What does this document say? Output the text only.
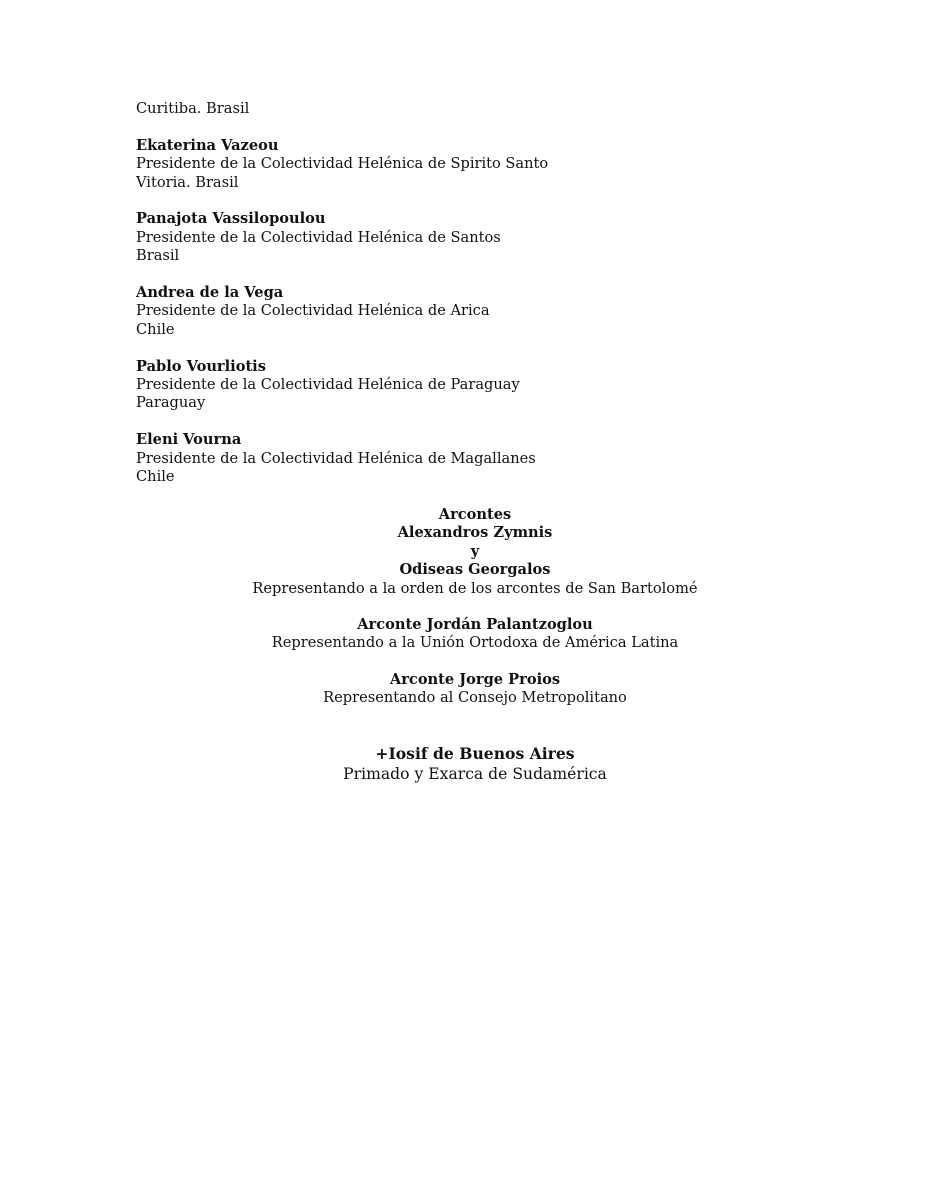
Curitiba. Brasil
Ekaterina Vazeou
Presidente de la Colectividad Helénica de Spirito Santo
Vitoria. Brasil
Panajota Vassilopoulou
Presidente de la Colectividad Helénica de Santos
Brasil
Andrea de la Vega
Presidente de la Colectividad Helénica de Arica
Chile
Pablo Vourliotis
Presidente de la Colectividad Helénica de Paraguay
Paraguay
Eleni Vourna
Presidente de la Colectividad Helénica de Magallanes
Chile
Arcontes
Alexandros Zymnis
y
Odiseas Georgalos
Representando a la orden de los arcontes de San Bartolomé
Arconte Jordán Palantzoglou
Representando a la Unión Ortodoxa de América Latina
Arconte Jorge Proios
Representando al Consejo Metropolitano
+Iosif de Buenos Aires
Primado y Exarca de Sudamérica
